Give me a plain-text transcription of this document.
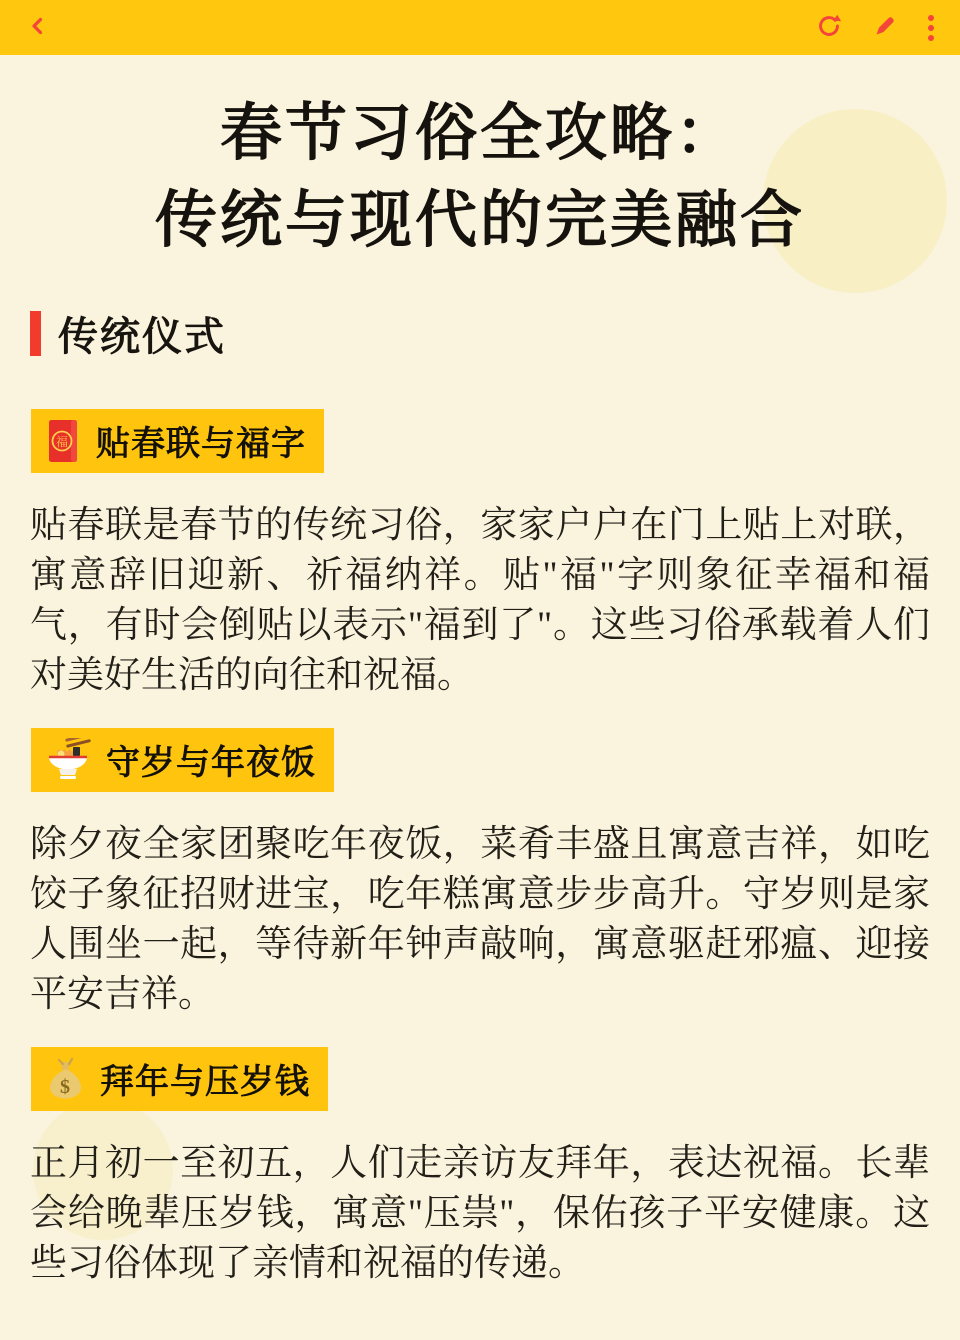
春节习俗全攻略：
传统与现代的完美融合
传统仪式
福 贴春联与福字

贴春联是春节的传统习俗，家家户户在门上贴上对联，寓意辞旧迎新、祈福纳祥。贴"福"字则象征幸福和福气，有时会倒贴以表示"福到了"。这些习俗承载着人们对美好生活的向往和祝福。

守岁与年夜饭

除夕夜全家团聚吃年夜饭，菜肴丰盛且寓意吉祥，如吃饺子象征招财进宝，吃年糕寓意步步高升。守岁则是家人围坐一起，等待新年钟声敲响，寓意驱赶邪瘟、迎接平安吉祥。

$ 拜年与压岁钱

正月初一至初五，人们走亲访友拜年，表达祝福。长辈会给晚辈压岁钱，寓意"压祟"，保佑孩子平安健康。这些习俗体现了亲情和祝福的传递。
